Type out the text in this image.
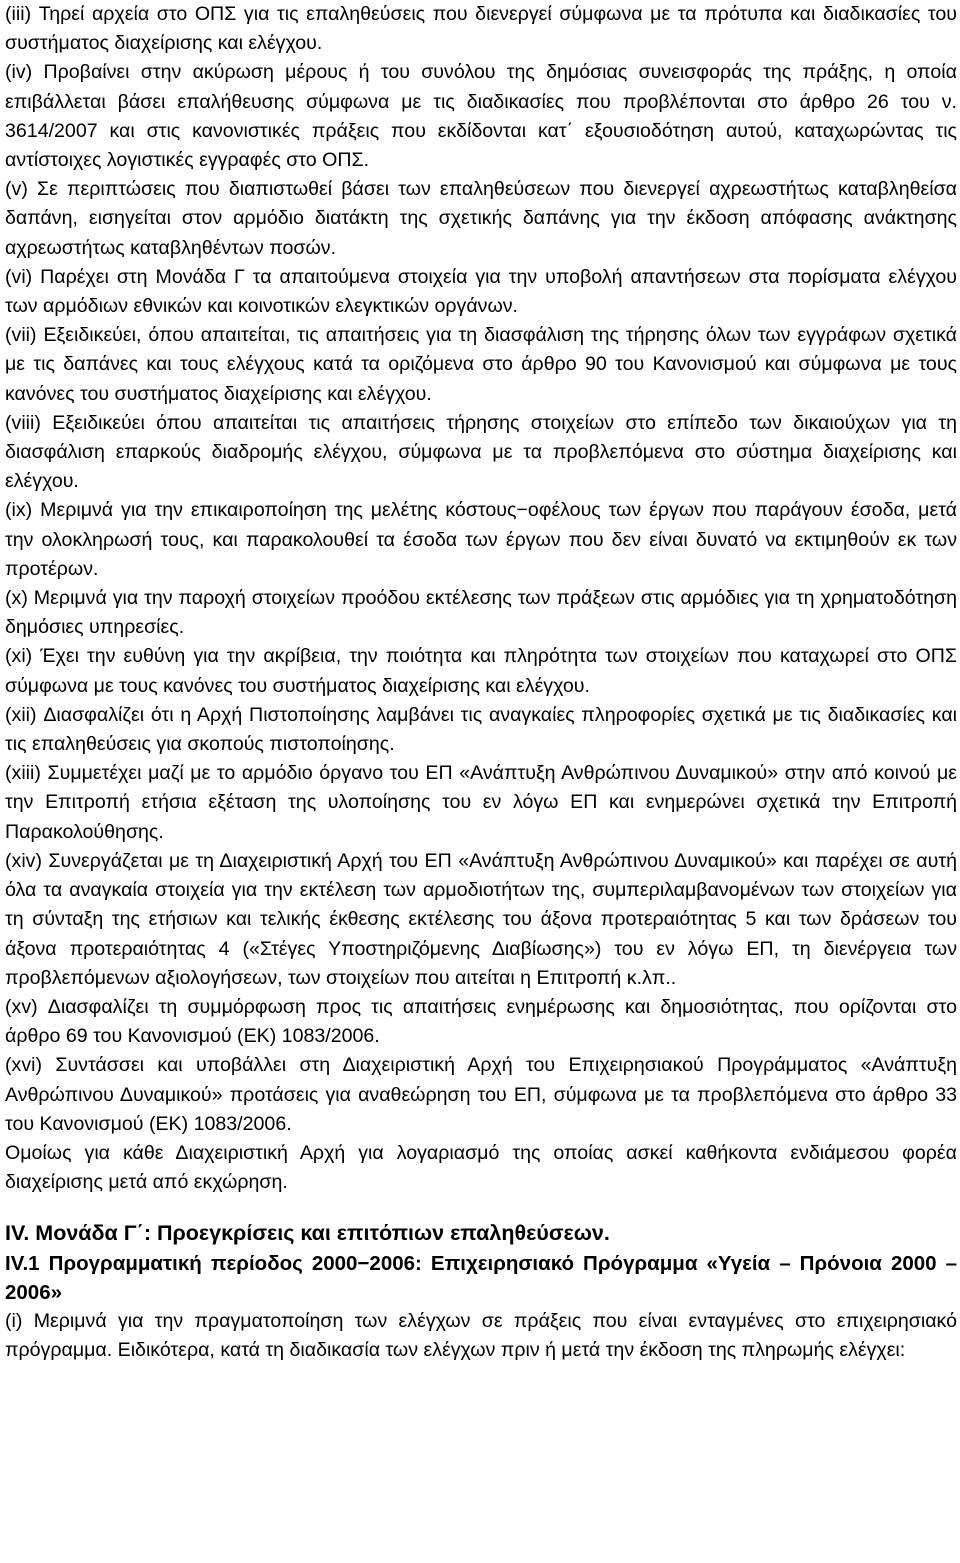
(iii) Τηρεί αρχεία στο ΟΠΣ για τις επαληθεύσεις που διενεργεί σύμφωνα με τα πρότυπα και διαδικασίες του συστήματος διαχείρισης και ελέγχου.

(iv) Προβαίνει στην ακύρωση μέρους ή του συνόλου της δημόσιας συνεισφοράς της πράξης, η οποία επιβάλλεται βάσει επαλήθευσης σύμφωνα με τις διαδικασίες που προβλέπονται στο άρθρο 26 του ν. 3614/2007 και στις κανονιστικές πράξεις που εκδίδονται κατ΄ εξουσιοδότηση αυτού, καταχωρώντας τις αντίστοιχες λογιστικές εγγραφές στο ΟΠΣ.

(v) Σε περιπτώσεις που διαπιστωθεί βάσει των επαληθεύσεων που διενεργεί αχρεωστήτως καταβληθείσα δαπάνη, εισηγείται στον αρμόδιο διατάκτη της σχετικής δαπάνης για την έκδοση απόφασης ανάκτησης αχρεωστήτως καταβληθέντων ποσών.

(vi) Παρέχει στη Μονάδα Γ τα απαιτούμενα στοιχεία για την υποβολή απαντήσεων στα πορίσματα ελέγχου των αρμόδιων εθνικών και κοινοτικών ελεγκτικών οργάνων.

(vii) Εξειδικεύει, όπου απαιτείται, τις απαιτήσεις για τη διασφάλιση της τήρησης όλων των εγγράφων σχετικά με τις δαπάνες και τους ελέγχους κατά τα οριζόμενα στο άρθρο 90 του Κανονισμού και σύμφωνα με τους κανόνες του συστήματος διαχείρισης και ελέγχου.

(viii) Εξειδικεύει όπου απαιτείται τις απαιτήσεις τήρησης στοιχείων στο επίπεδο των δικαιούχων για τη διασφάλιση επαρκούς διαδρομής ελέγχου, σύμφωνα με τα προβλεπόμενα στο σύστημα διαχείρισης και ελέγχου.

(ix) Μεριμνά για την επικαιροποίηση της μελέτης κόστους−οφέλους των έργων που παράγουν έσοδα, μετά την ολοκληρωσή τους, και παρακολουθεί τα έσοδα των έργων που δεν είναι δυνατό να εκτιμηθούν εκ των προτέρων.

(x) Μεριμνά για την παροχή στοιχείων προόδου εκτέλεσης των πράξεων στις αρμόδιες για τη χρηματοδότηση δημόσιες υπηρεσίες.

(xi) Έχει την ευθύνη για την ακρίβεια, την ποιότητα και πληρότητα των στοιχείων που καταχωρεί στο ΟΠΣ σύμφωνα με τους κανόνες του συστήματος διαχείρισης και ελέγχου.

(xii) Διασφαλίζει ότι η Αρχή Πιστοποίησης λαμβάνει τις αναγκαίες πληροφορίες σχετικά με τις διαδικασίες και τις επαληθεύσεις για σκοπούς πιστοποίησης.

(xiii) Συμμετέχει μαζί με το αρμόδιο όργανο του ΕΠ «Ανάπτυξη Ανθρώπινου Δυναμικού» στην από κοινού με την Επιτροπή ετήσια εξέταση της υλοποίησης του εν λόγω ΕΠ και ενημερώνει σχετικά την Επιτροπή Παρακολούθησης.

(xiv) Συνεργάζεται με τη Διαχειριστική Αρχή του ΕΠ «Ανάπτυξη Ανθρώπινου Δυναμικού» και παρέχει σε αυτή όλα τα αναγκαία στοιχεία για την εκτέλεση των αρμοδιοτήτων της, συμπεριλαμβανομένων των στοιχείων για τη σύνταξη της ετήσιων και τελικής έκθεσης εκτέλεσης του άξονα προτεραιότητας 5 και των δράσεων του άξονα προτεραιότητας 4 («Στέγες Υποστηριζόμενης Διαβίωσης») του εν λόγω ΕΠ, τη διενέργεια των προβλεπόμενων αξιολογήσεων, των στοιχείων που αιτείται η Επιτροπή κ.λπ..

(xv) Διασφαλίζει τη συμμόρφωση προς τις απαιτήσεις ενημέρωσης και δημοσιότητας, που ορίζονται στο άρθρο 69 του Κανονισμού (ΕΚ) 1083/2006.

(xvi) Συντάσσει και υποβάλλει στη Διαχειριστική Αρχή του Επιχειρησιακού Προγράμματος «Ανάπτυξη Ανθρώπινου Δυναμικού» προτάσεις για αναθεώρηση του ΕΠ, σύμφωνα με τα προβλεπόμενα στο άρθρο 33 του Κανονισμού (ΕΚ) 1083/2006.

Ομοίως για κάθε Διαχειριστική Αρχή για λογαριασμό της οποίας ασκεί καθήκοντα ενδιάμεσου φορέα διαχείρισης μετά από εκχώρηση.

IV. Μονάδα Γ΄: Προεγκρίσεις και επιτόπιων επαληθεύσεων.

IV.1 Προγραμματική περίοδος 2000−2006: Επιχειρησιακό Πρόγραμμα «Υγεία – Πρόνοια 2000 – 2006»

(i) Μεριμνά για την πραγματοποίηση των ελέγχων σε πράξεις που είναι ενταγμένες στο επιχειρησιακό πρόγραμμα. Ειδικότερα, κατά τη διαδικασία των ελέγχων πριν ή μετά την έκδοση της πληρωμής ελέγχει:
